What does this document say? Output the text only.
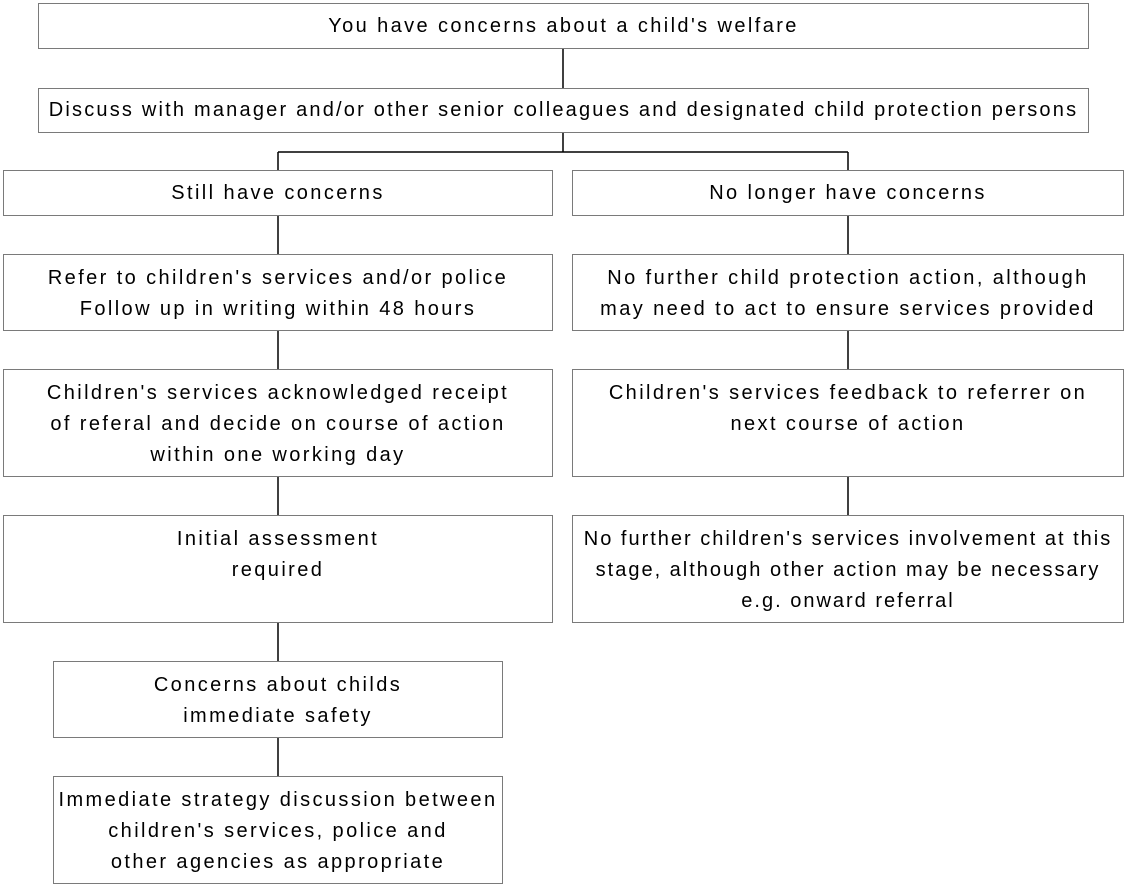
You have concerns about a child's welfare
Discuss with manager and/or other senior colleagues and designated child protection persons
Still have concerns	No longer have concerns
Refer to children's services and/or police
Follow up in writing within 48 hours
No further child protection action, although
may need to act to ensure services provided
Children's services acknowledged receipt
of referal and decide on course of action
within one working day
Children's services feedback to referrer on
next course of action
Initial assessment
required
No further children's services involvement at this
stage, although other action may be necessary
e.g. onward referral
Concerns about childs
immediate safety
Immediate strategy discussion between
children's services, police and
other agencies as appropriate
